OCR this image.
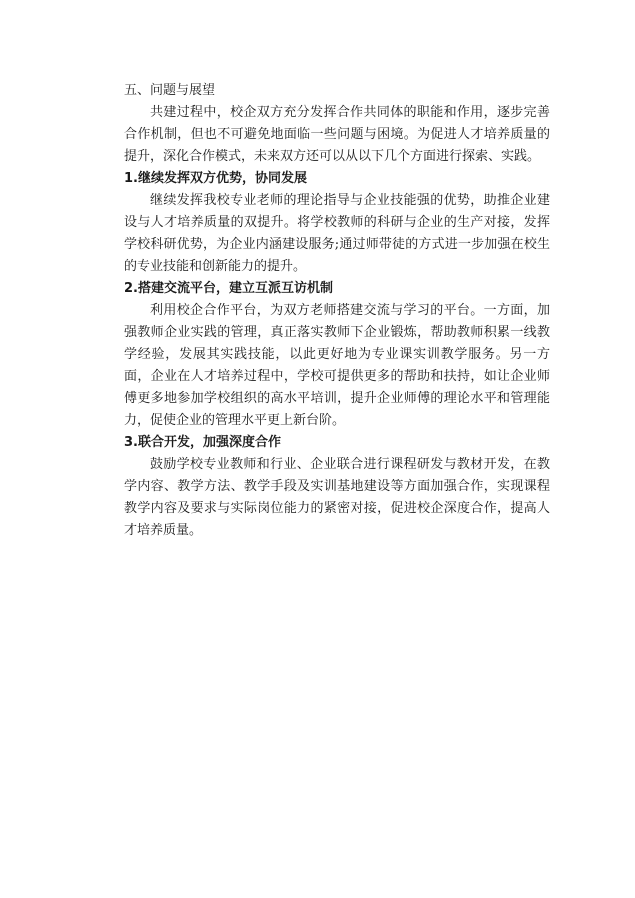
五、问题与展望

共建过程中，校企双方充分发挥合作共同体的职能和作用，逐步完善合作机制，但也不可避免地面临一些问题与困境。为促进人才培养质量的提升，深化合作模式，未来双方还可以从以下几个方面进行探索、实践。

1.继续发挥双方优势，协同发展

继续发挥我校专业老师的理论指导与企业技能强的优势，助推企业建设与人才培养质量的双提升。将学校教师的科研与企业的生产对接，发挥学校科研优势，为企业内涵建设服务;通过师带徒的方式进一步加强在校生的专业技能和创新能力的提升。

2.搭建交流平台，建立互派互访机制

利用校企合作平台，为双方老师搭建交流与学习的平台。一方面，加强教师企业实践的管理，真正落实教师下企业锻炼，帮助教师积累一线教学经验，发展其实践技能，以此更好地为专业课实训教学服务。另一方面，企业在人才培养过程中，学校可提供更多的帮助和扶持，如让企业师傅更多地参加学校组织的高水平培训，提升企业师傅的理论水平和管理能力，促使企业的管理水平更上新台阶。

3.联合开发，加强深度合作

鼓励学校专业教师和行业、企业联合进行课程研发与教材开发，在教学内容、教学方法、教学手段及实训基地建设等方面加强合作，实现课程教学内容及要求与实际岗位能力的紧密对接，促进校企深度合作，提高人才培养质量。
